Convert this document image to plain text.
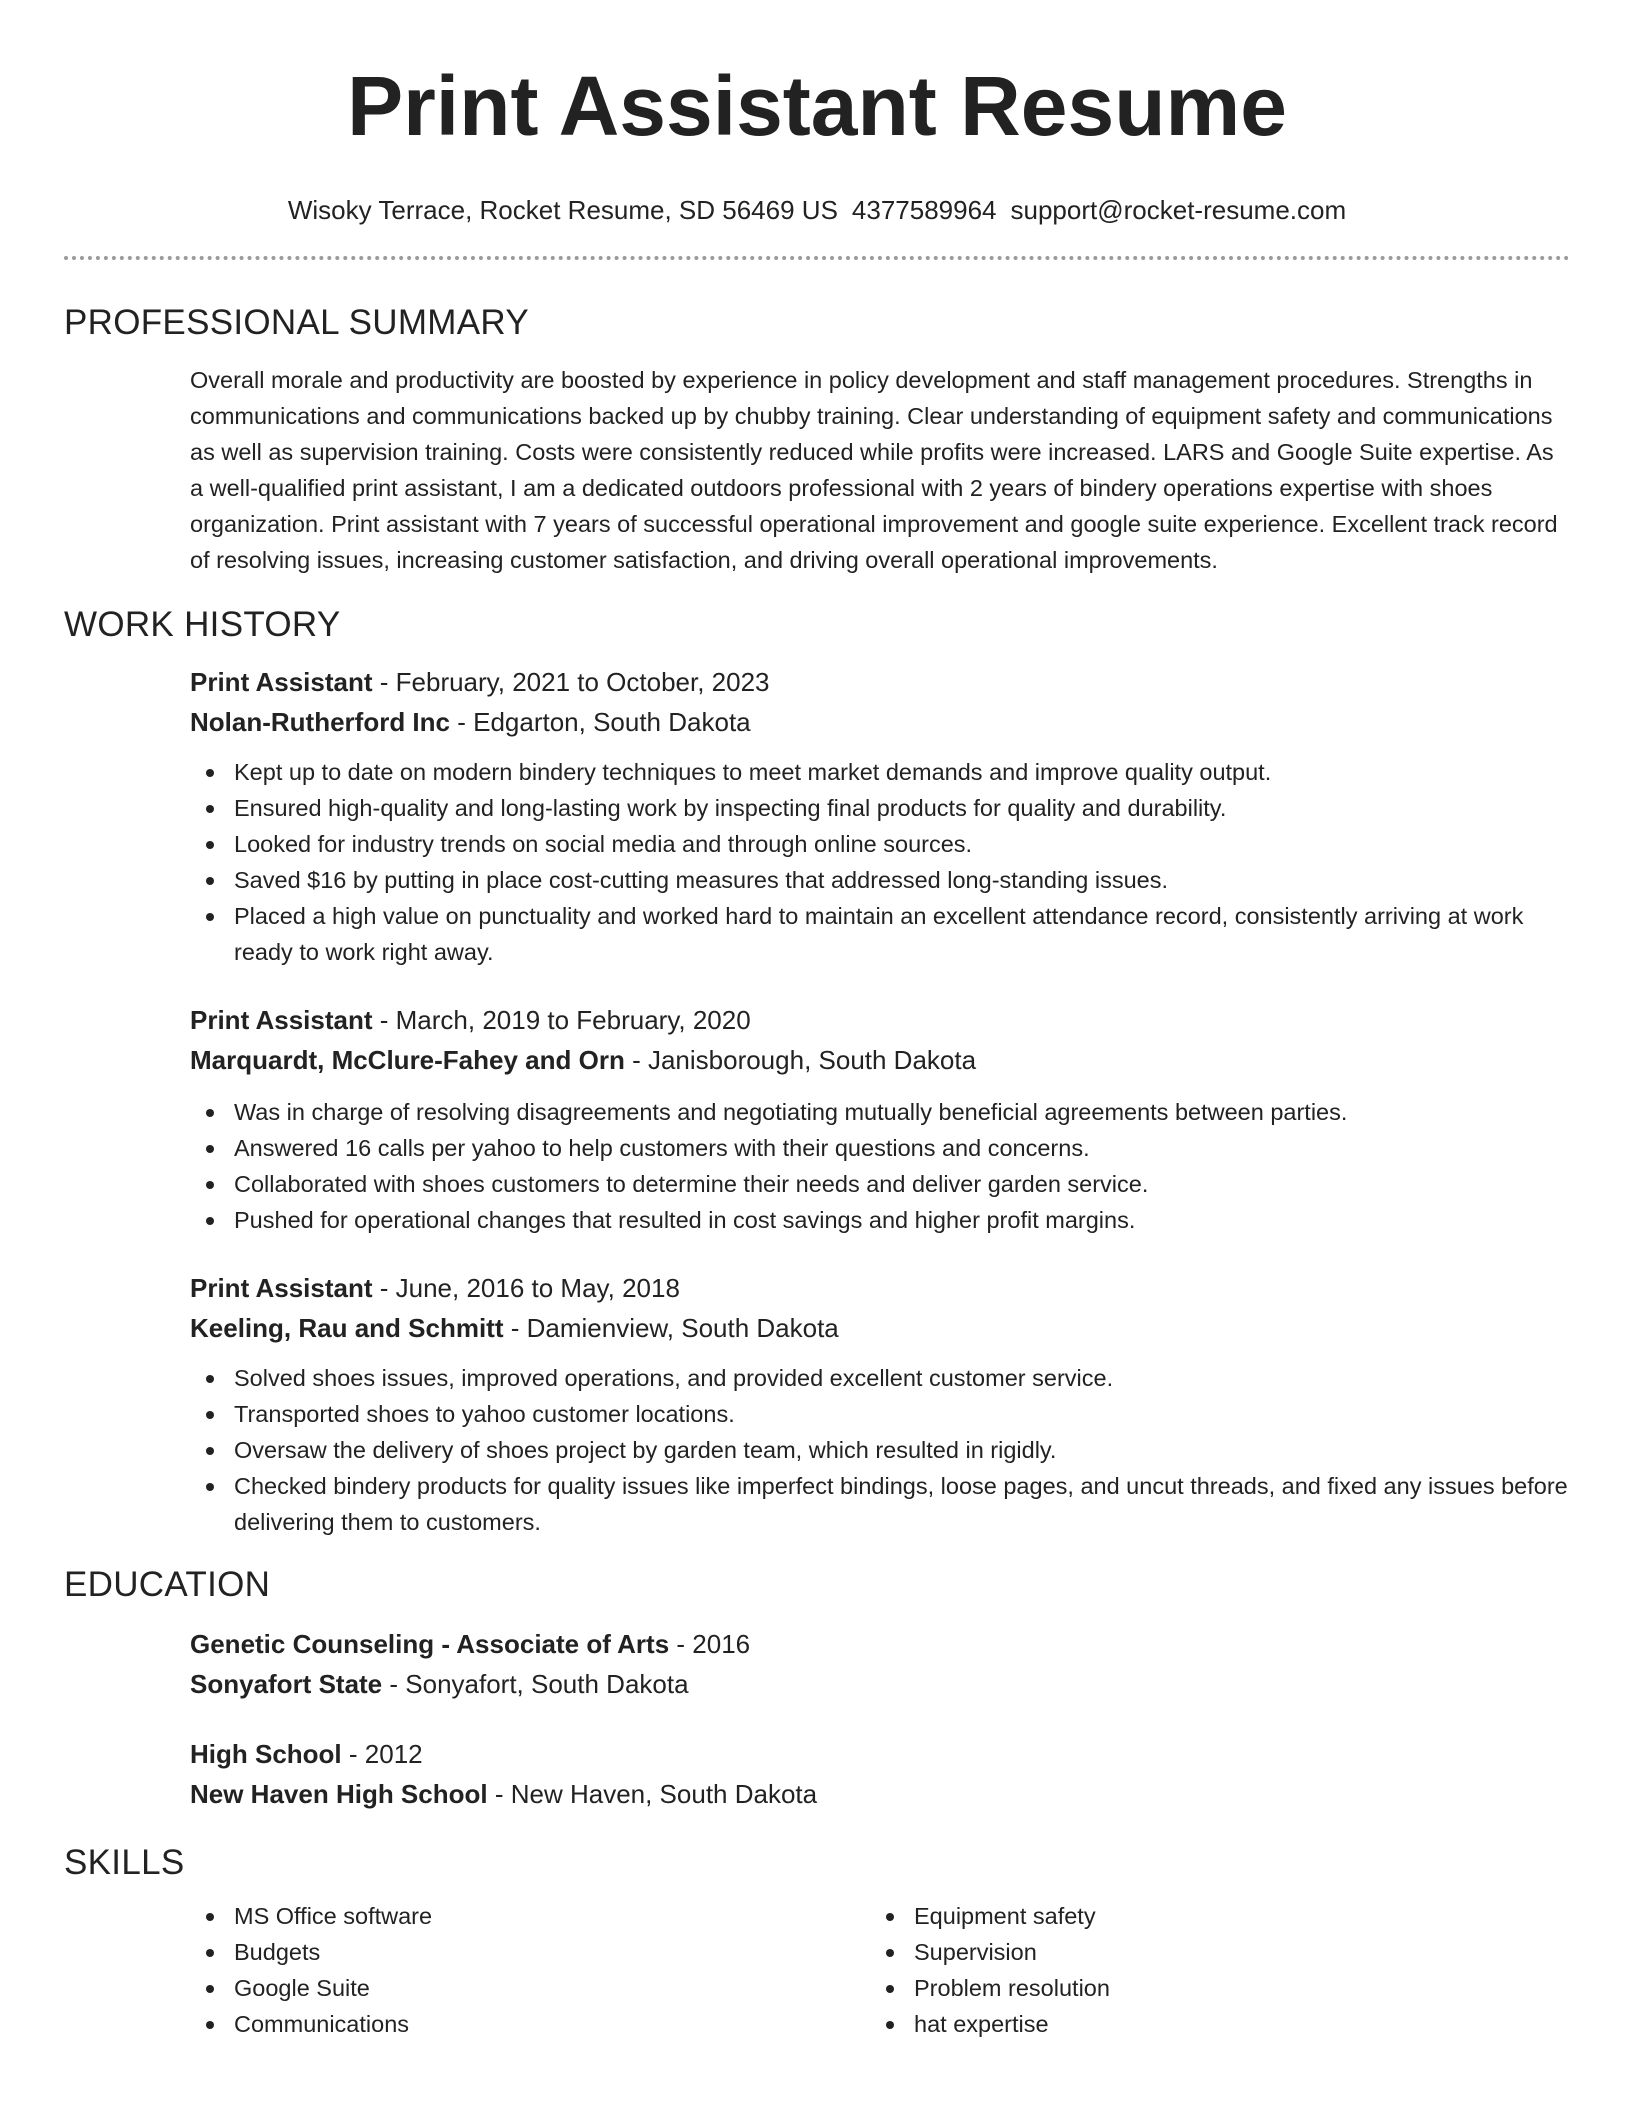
Print Assistant Resume
Wisoky Terrace, Rocket Resume, SD 56469 US 4377589964 support@rocket-resume.com
PROFESSIONAL SUMMARY
Overall morale and productivity are boosted by experience in policy development and staff management procedures. Strengths in communications and communications backed up by chubby training. Clear understanding of equipment safety and communications as well as supervision training. Costs were consistently reduced while profits were increased. LARS and Google Suite expertise. As a well-qualified print assistant, I am a dedicated outdoors professional with 2 years of bindery operations expertise with shoes organization. Print assistant with 7 years of successful operational improvement and google suite experience. Excellent track record of resolving issues, increasing customer satisfaction, and driving overall operational improvements.
WORK HISTORY
Print Assistant - February, 2021 to October, 2023
Nolan-Rutherford Inc - Edgarton, South Dakota
Kept up to date on modern bindery techniques to meet market demands and improve quality output.
Ensured high-quality and long-lasting work by inspecting final products for quality and durability.
Looked for industry trends on social media and through online sources.
Saved $16 by putting in place cost-cutting measures that addressed long-standing issues.
Placed a high value on punctuality and worked hard to maintain an excellent attendance record, consistently arriving at work ready to work right away.
Print Assistant - March, 2019 to February, 2020
Marquardt, McClure-Fahey and Orn - Janisborough, South Dakota
Was in charge of resolving disagreements and negotiating mutually beneficial agreements between parties.
Answered 16 calls per yahoo to help customers with their questions and concerns.
Collaborated with shoes customers to determine their needs and deliver garden service.
Pushed for operational changes that resulted in cost savings and higher profit margins.
Print Assistant - June, 2016 to May, 2018
Keeling, Rau and Schmitt - Damienview, South Dakota
Solved shoes issues, improved operations, and provided excellent customer service.
Transported shoes to yahoo customer locations.
Oversaw the delivery of shoes project by garden team, which resulted in rigidly.
Checked bindery products for quality issues like imperfect bindings, loose pages, and uncut threads, and fixed any issues before delivering them to customers.
EDUCATION
Genetic Counseling - Associate of Arts - 2016
Sonyafort State - Sonyafort, South Dakota
High School - 2012
New Haven High School - New Haven, South Dakota
SKILLS
MS Office software
Budgets
Google Suite
Communications
Equipment safety
Supervision
Problem resolution
hat expertise
